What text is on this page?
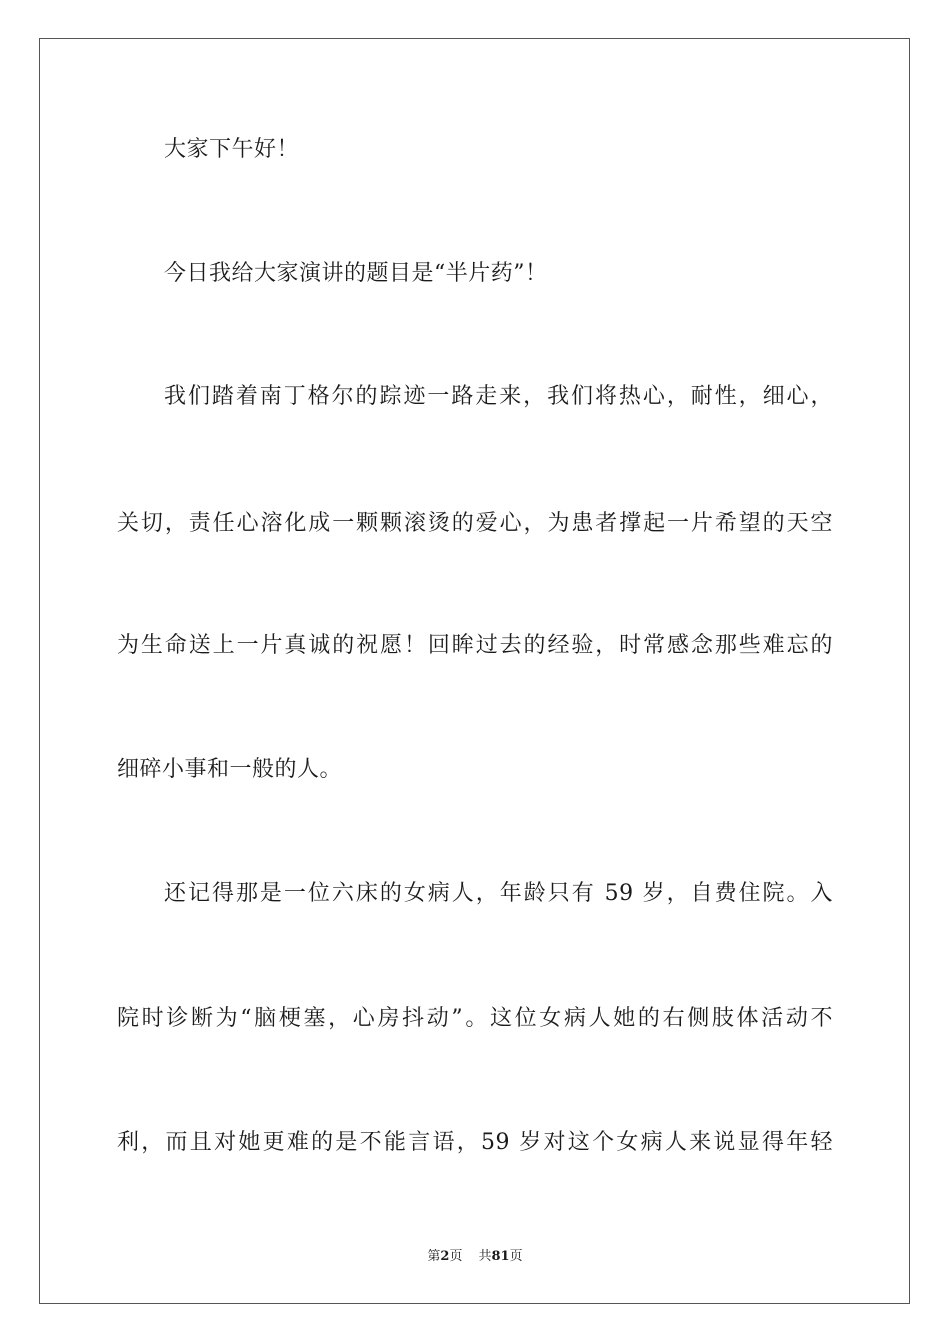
大家下午好！
今日我给大家演讲的题目是“半片药”！
我们踏着南丁格尔的踪迹一路走来，我们将热心，耐性，细心，
关切，责任心溶化成一颗颗滚烫的爱心，为患者撑起一片希望的天空
为生命送上一片真诚的祝愿！回眸过去的经验，时常感念那些难忘的
细碎小事和一般的人。
还记得那是一位六床的女病人，年龄只有 59 岁，自费住院。入
院时诊断为“脑梗塞，心房抖动”。这位女病人她的右侧肢体活动不
利，而且对她更难的是不能言语，59 岁对这个女病人来说显得年轻
第2页 共81页
